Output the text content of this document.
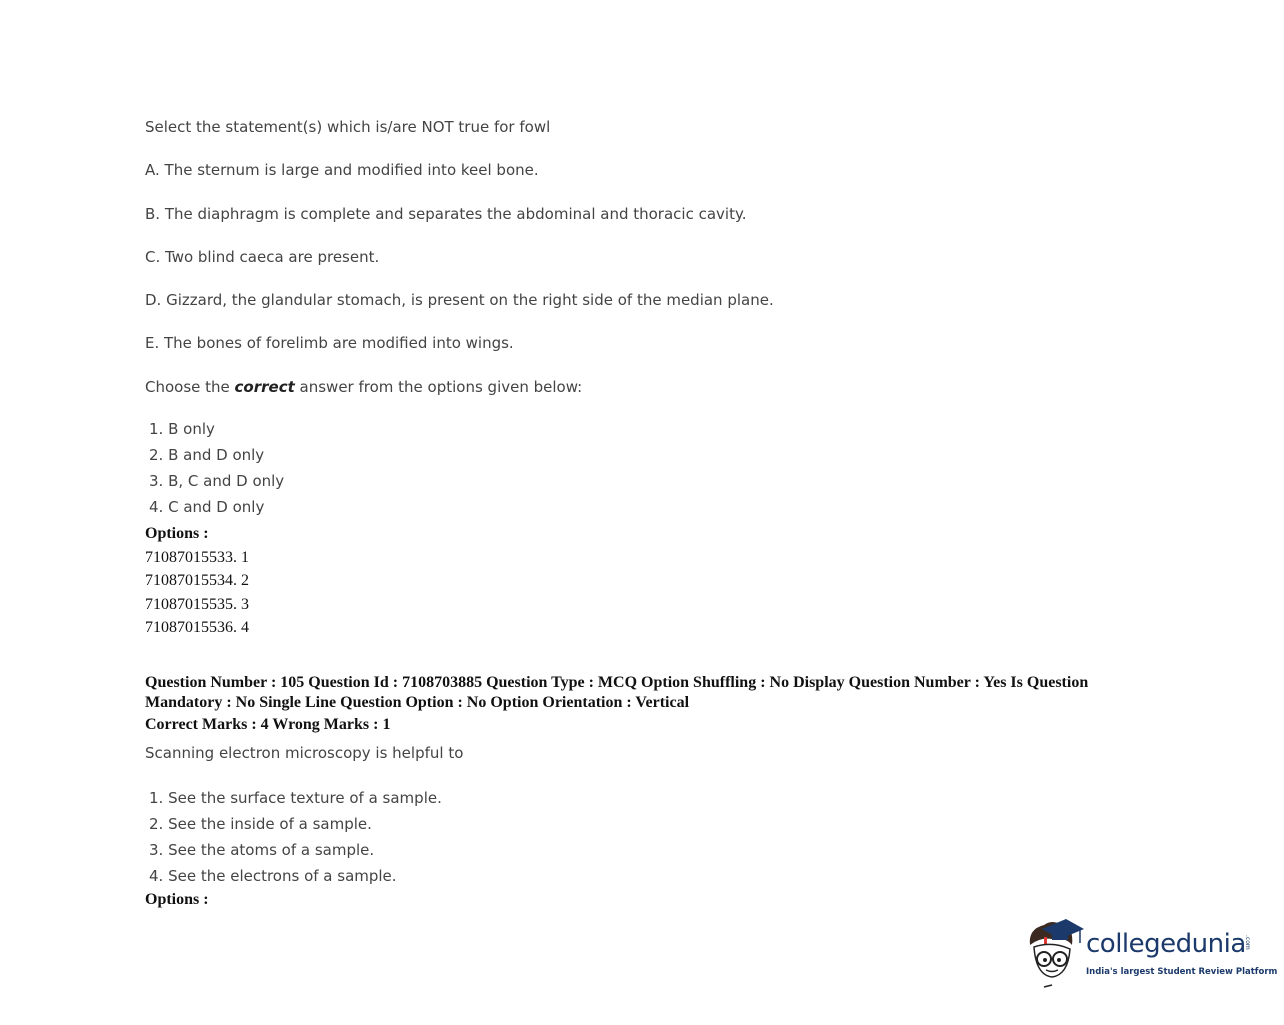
Select the statement(s) which is/are NOT true for fowl
A. The sternum is large and modified into keel bone.
B. The diaphragm is complete and separates the abdominal and thoracic cavity.
C. Two blind caeca are present.
D. Gizzard, the glandular stomach, is present on the right side of the median plane.
E. The bones of forelimb are modified into wings.
Choose the correct answer from the options given below:
1. B only
2. B and D only
3. B, C and D only
4. C and D only
Options :
71087015533. 1
71087015534. 2
71087015535. 3
71087015536. 4
Question Number : 105 Question Id : 7108703885 Question Type : MCQ Option Shuffling : No Display Question Number : Yes Is Question Mandatory : No Single Line Question Option : No Option Orientation : Vertical
Correct Marks : 4 Wrong Marks : 1
Scanning electron microscopy is helpful to
1. See the surface texture of a sample.
2. See the inside of a sample.
3. See the atoms of a sample.
4. See the electrons of a sample.
Options :
collegedunia
.com
India's largest Student Review Platform
